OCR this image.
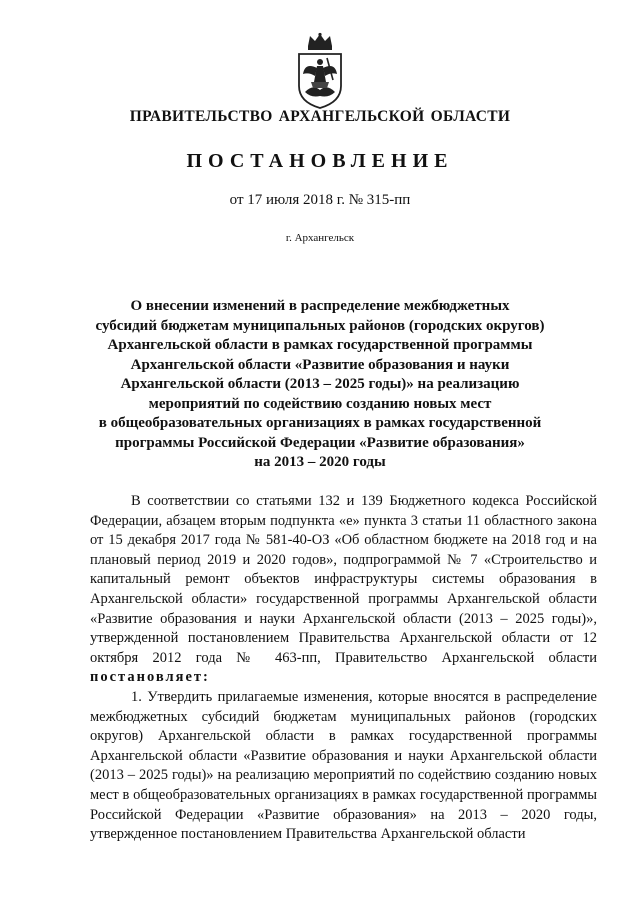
ПРАВИТЕЛЬСТВО АРХАНГЕЛЬСКОЙ ОБЛАСТИ
ПОСТАНОВЛЕНИЕ
от 17 июля 2018 г. № 315-пп
г. Архангельск
О внесении изменений в распределение межбюджетных
субсидий бюджетам муниципальных районов (городских округов)
Архангельской области в рамках государственной программы
Архангельской области «Развитие образования и науки
Архангельской области (2013 – 2025 годы)» на реализацию
мероприятий по содействию созданию новых мест
в общеобразовательных организациях в рамках государственной
программы Российской Федерации «Развитие образования»
на 2013 – 2020 годы

В соответствии со статьями 132 и 139 Бюджетного кодекса Российской Федерации, абзацем вторым подпункта «е» пункта 3 статьи 11 областного закона от 15 декабря 2017 года № 581-40-ОЗ «Об областном бюджете на 2018 год и на плановый период 2019 и 2020 годов», подпрограммой № 7 «Строительство и капитальный ремонт объектов инфраструктуры системы образования в Архангельской области» государственной программы Архангельской области «Развитие образования и науки Архангельской области (2013 – 2025 годы)», утвержденной постановлением Правительства Архангельской области от 12 октября 2012 года № 463-пп, Правительство Архангельской области постановляет:

1. Утвердить прилагаемые изменения, которые вносятся в распределение межбюджетных субсидий бюджетам муниципальных районов (городских округов) Архангельской области в рамках государственной программы Архангельской области «Развитие образования и науки Архангельской области (2013 – 2025 годы)» на реализацию мероприятий по содействию созданию новых мест в общеобразовательных организациях в рамках государственной программы Российской Федерации «Развитие образования» на 2013 – 2020 годы, утвержденное постановлением Правительства Архангельской области
